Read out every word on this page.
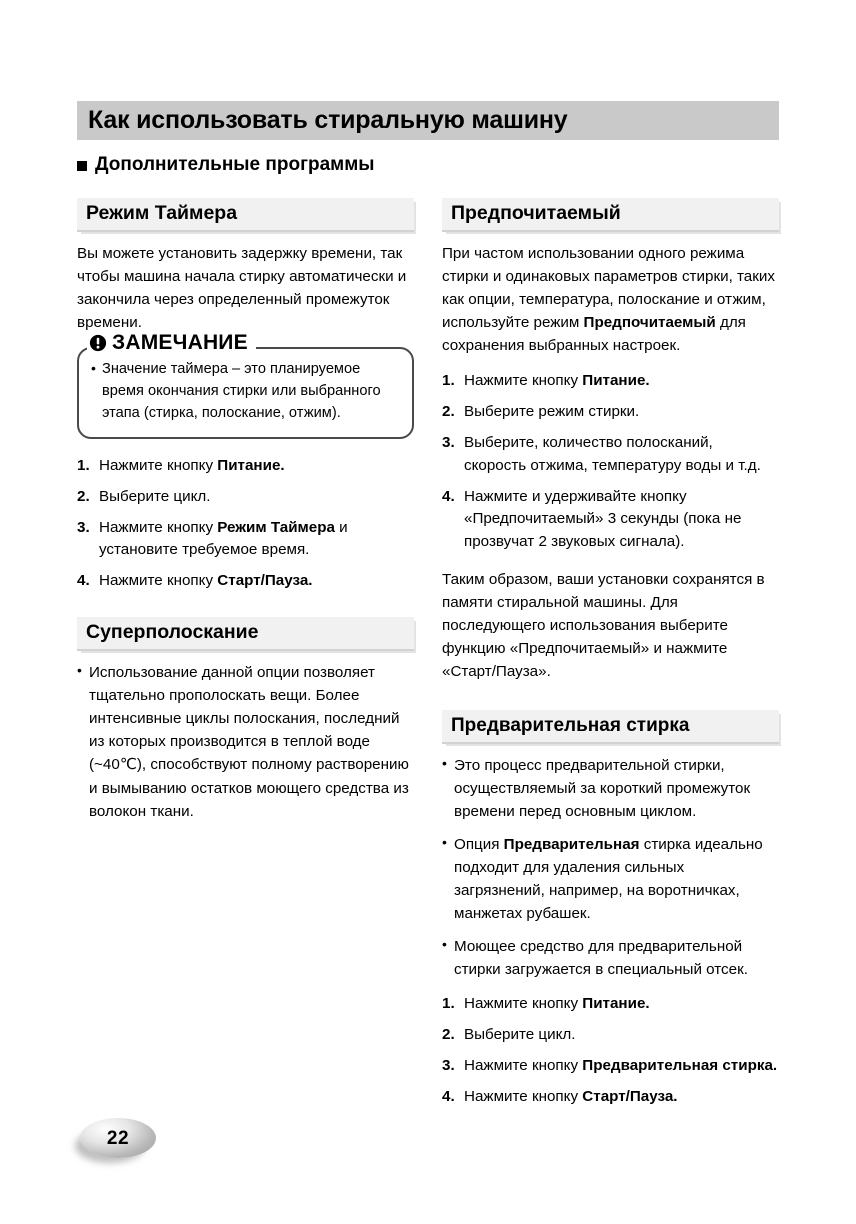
Как использовать стиральную машину
Дополнительные программы
Режим Таймера

Вы можете установить задержку времени, так чтобы машина начала стирку автоматически и закончила через определенный промежуток времени.

ЗАМЕЧАНИЕ
• Значение таймера – это планируемое время окончания стирки или выбранного этапа (стирка, полоскание, отжим).
1. Нажмите кнопку Питание.
2. Выберите цикл.
3. Нажмите кнопку Режим Таймера и установите требуемое время.
4. Нажмите кнопку Старт/Пауза.
Суперполоскание
• Использование данной опции позволяет тщательно прополоскать вещи. Более интенсивные циклы полоскания, последний из которых производится в теплой воде (~40℃), способствуют полному растворению и вымыванию остатков моющего средства из волокон ткани.
Предпочитаемый

При частом использовании одного режима стирки и одинаковых параметров стирки, таких как опции, температура, полоскание и отжим, используйте режим Предпочитаемый для сохранения выбранных настроек.

1. Нажмите кнопку Питание.
2. Выберите режим стирки.
3. Выберите, количество полосканий, скорость отжима, температуру воды и т.д.
4. Нажмите и удерживайте кнопку «Предпочитаемый» 3 секунды (пока не прозвучат 2 звуковых сигнала).

Таким образом, ваши установки сохранятся в памяти стиральной машины. Для последующего использования выберите функцию «Предпочитаемый» и нажмите «Старт/Пауза».

Предварительная стирка
• Это процесс предварительной стирки, осуществляемый за короткий промежуток времени перед основным циклом.
• Опция Предварительная стирка идеально подходит для удаления сильных загрязнений, например, на воротничках, манжетах рубашек.
• Моющее средство для предварительной стирки загружается в специальный отсек.
1. Нажмите кнопку Питание.
2. Выберите цикл.
3. Нажмите кнопку Предварительная стирка.
4. Нажмите кнопку Старт/Пауза.
22
